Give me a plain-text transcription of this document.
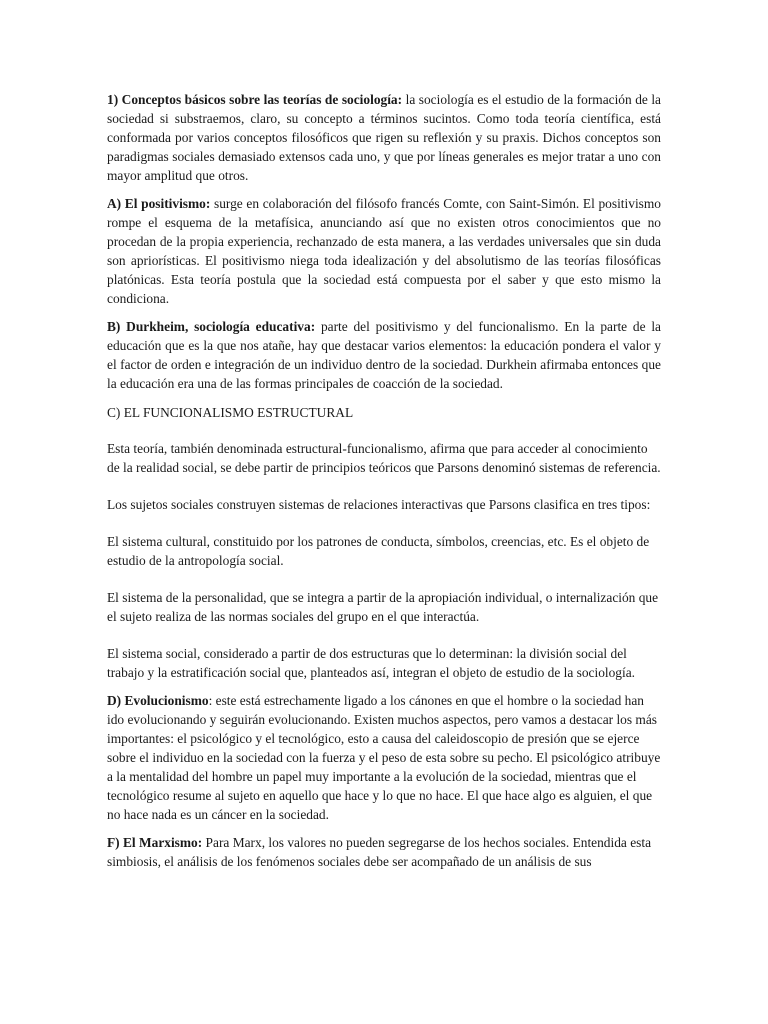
1) Conceptos básicos sobre las teorías de sociología: la sociología es el estudio de la formación de la sociedad si substraemos, claro, su concepto a términos sucintos. Como toda teoría científica, está conformada por varios conceptos filosóficos que rigen su reflexión y su praxis. Dichos conceptos son paradigmas sociales demasiado extensos cada uno, y que por líneas generales es mejor tratar a uno con mayor amplitud que otros.

A) El positivismo: surge en colaboración del filósofo francés Comte, con Saint-Simón. El positivismo rompe el esquema de la metafísica, anunciando así que no existen otros conocimientos que no procedan de la propia experiencia, rechanzado de esta manera, a las verdades universales que sin duda son apriorísticas. El positivismo niega toda idealización y del absolutismo de las teorías filosóficas platónicas. Esta teoría postula que la sociedad está compuesta por el saber y que esto mismo la condiciona.

B) Durkheim, sociología educativa: parte del positivismo y del funcionalismo. En la parte de la educación que es la que nos atañe, hay que destacar varios elementos: la educación pondera el valor y el factor de orden e integración de un individuo dentro de la sociedad. Durkhein afirmaba entonces que la educación era una de las formas principales de coacción de la sociedad.

C) EL FUNCIONALISMO ESTRUCTURAL

Esta teoría, también denominada estructural-funcionalismo, afirma que para acceder al conocimiento de la realidad social, se debe partir de principios teóricos que Parsons denominó sistemas de referencia.

Los sujetos sociales construyen sistemas de relaciones interactivas que Parsons clasifica en tres tipos:

El sistema cultural, constituido por los patrones de conducta, símbolos, creencias, etc. Es el objeto de estudio de la antropología social.

El sistema de la personalidad, que se integra a partir de la apropiación individual, o internalización que el sujeto realiza de las normas sociales del grupo en el que interactúa.

El sistema social, considerado a partir de dos estructuras que lo determinan: la división social del trabajo y la estratificación social que, planteados así, integran el objeto de estudio de la sociología.

D) Evolucionismo: este está estrechamente ligado a los cánones en que el hombre o la sociedad han ido evolucionando y seguirán evolucionando. Existen muchos aspectos, pero vamos a destacar los más importantes: el psicológico y el tecnológico, esto a causa del caleidoscopio de presión que se ejerce sobre el individuo en la sociedad con la fuerza y el peso de esta sobre su pecho. El psicológico atribuye a la mentalidad del hombre un papel muy importante a la evolución de la sociedad, mientras que el tecnológico resume al sujeto en aquello que hace y lo que no hace. El que hace algo es alguien, el que no hace nada es un cáncer en la sociedad.

F) El Marxismo: Para Marx, los valores no pueden segregarse de los hechos sociales. Entendida esta simbiosis, el análisis de los fenómenos sociales debe ser acompañado de un análisis de sus
